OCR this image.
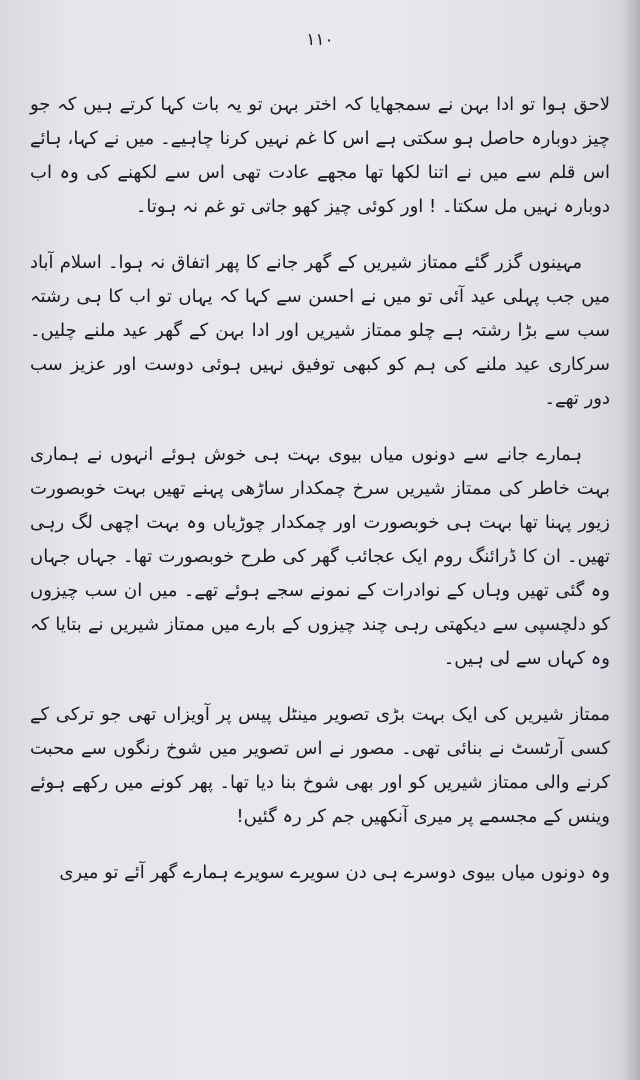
۱۱۰

لاحق ہوا تو ادا بہن نے سمجھایا کہ اختر بہن تو یہ بات کہا کرتے ہیں کہ جو چیز دوبارہ حاصل ہو سکتی ہے اس کا غم نہیں کرنا چاہیے۔ میں نے کہا، ہائے اس قلم سے میں نے اتنا لکھا تھا مجھے عادت تھی اس سے لکھنے کی وہ اب دوبارہ نہیں مل سکتا۔ ! اور کوئی چیز کھو جاتی تو غم نہ ہوتا۔

مہینوں گزر گئے ممتاز شیریں کے گھر جانے کا پھر اتفاق نہ ہوا۔ اسلام آباد میں جب پہلی عید آئی تو میں نے احسن سے کہا کہ یہاں تو اب کا ہی رشتہ سب سے بڑا رشتہ ہے چلو ممتاز شیریں اور ادا بہن کے گھر عید ملنے چلیں۔ سرکاری عید ملنے کی ہم کو کبھی توفیق نہیں ہوئی دوست اور عزیز سب دور تھے۔

ہمارے جانے سے دونوں میاں بیوی بہت ہی خوش ہوئے انہوں نے ہماری بہت خاطر کی ممتاز شیریں سرخ چمکدار ساڑھی پہنے تھیں بہت خوبصورت زیور پہنا تھا بہت ہی خوبصورت اور چمکدار چوڑیاں وہ بہت اچھی لگ رہی تھیں۔ ان کا ڈرائنگ روم ایک عجائب گھر کی طرح خوبصورت تھا۔ جہاں جہاں وہ گئی تھیں وہاں کے نوادرات کے نمونے سجے ہوئے تھے۔ میں ان سب چیزوں کو دلچسپی سے دیکھتی رہی چند چیزوں کے بارے میں ممتاز شیریں نے بتایا کہ وہ کہاں سے لی ہیں۔

ممتاز شیریں کی ایک بہت بڑی تصویر مینٹل پیس پر آویزاں تھی جو ترکی کے کسی آرٹسٹ نے بنائی تھی۔ مصور نے اس تصویر میں شوخ رنگوں سے محبت کرنے والی ممتاز شیریں کو اور بھی شوخ بنا دیا تھا۔ پھر کونے میں رکھے ہوئے وینس کے مجسمے پر میری آنکھیں جم کر رہ گئیں!

وہ دونوں میاں بیوی دوسرے ہی دن سویرے سویرے ہمارے گھر آئے تو میری
